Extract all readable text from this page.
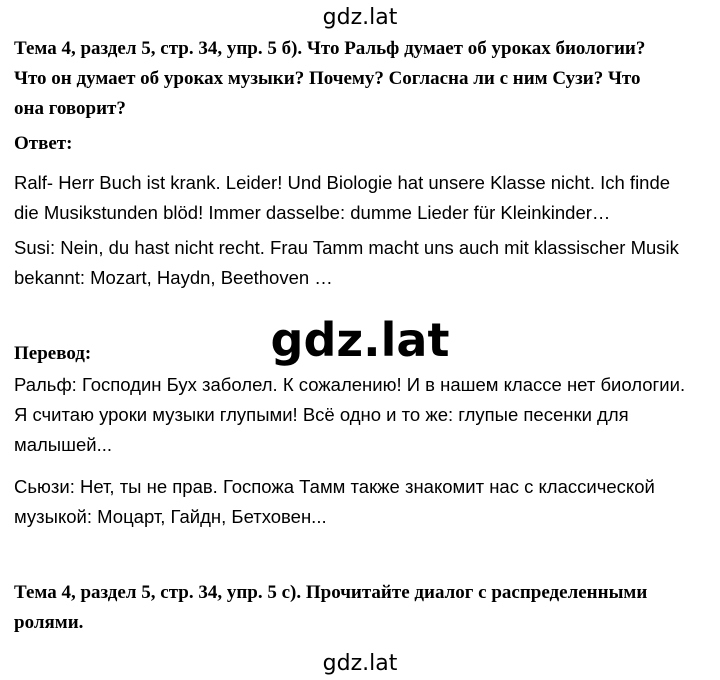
gdz.lat

Тема 4, раздел 5, стр. 34, упр. 5 б). Что Ральф думает об уроках биологии?
Что он думает об уроках музыки? Почему? Согласна ли с ним Сузи? Что
она говорит?

Ответ:

Ralf- Herr Buch ist krank. Leider! Und Biologie hat unsere Klasse nicht. Ich finde
die Musikstunden blöd! Immer dasselbe: dumme Lieder für Kleinkinder…

Susi: Nein, du hast nicht recht. Frau Tamm macht uns auch mit klassischer Musik
bekannt: Mozart, Haydn, Beethoven …

gdz.lat

Перевод:

Ральф: Господин Бух заболел. К сожалению! И в нашем классе нет биологии.
Я считаю уроки музыки глупыми! Всё одно и то же: глупые песенки для
малышей...

Сьюзи: Нет, ты не прав. Госпожа Тамм также знакомит нас с классической
музыкой: Моцарт, Гайдн, Бетховен...

Тема 4, раздел 5, стр. 34, упр. 5 с). Прочитайте диалог с распределенными
ролями.

gdz.lat
